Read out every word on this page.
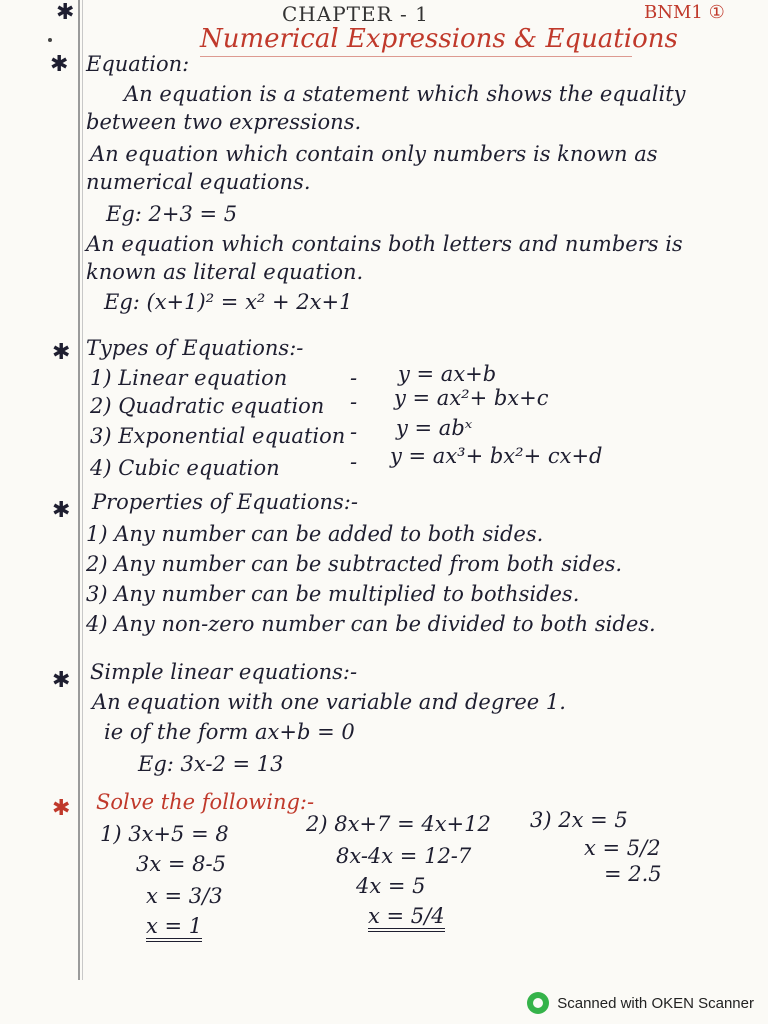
✱	CHAPTER - 1	BNM1 ①
Numerical Expressions & Equations
✱ Equation:
An equation is a statement which shows the equality
between two expressions.
An equation which contain only numbers is known as
numerical equations.
Eg: 2+3 = 5
An equation which contains both letters and numbers is
known as literal equation.
Eg: (x+1)² = x² + 2x+1
✱ Types of Equations:-
1) Linear equation	- y = ax+b
2) Quadratic equation - y = ax²+ bx+c
3) Exponential equation - y = abˣ
4) Cubic equation	- y = ax³+ bx²+ cx+d
✱ Properties of Equations:-
1) Any number can be added to both sides.
2) Any number can be subtracted from both sides.
3) Any number can be multiplied to bothsides.
4) Any non-zero number can be divided to both sides.
✱ Simple linear equations:-
An equation with one variable and degree 1.
ie of the form ax+b = 0
Eg: 3x-2 = 13
✱ Solve the following:-
1) 3x+5 = 8
3x = 8-5
x = 3/3
x = 1
2) 8x+7 = 4x+12
8x-4x = 12-7
4x = 5
x = 5/4
3) 2x = 5
x = 5/2
= 2.5
Scanned with OKEN Scanner
